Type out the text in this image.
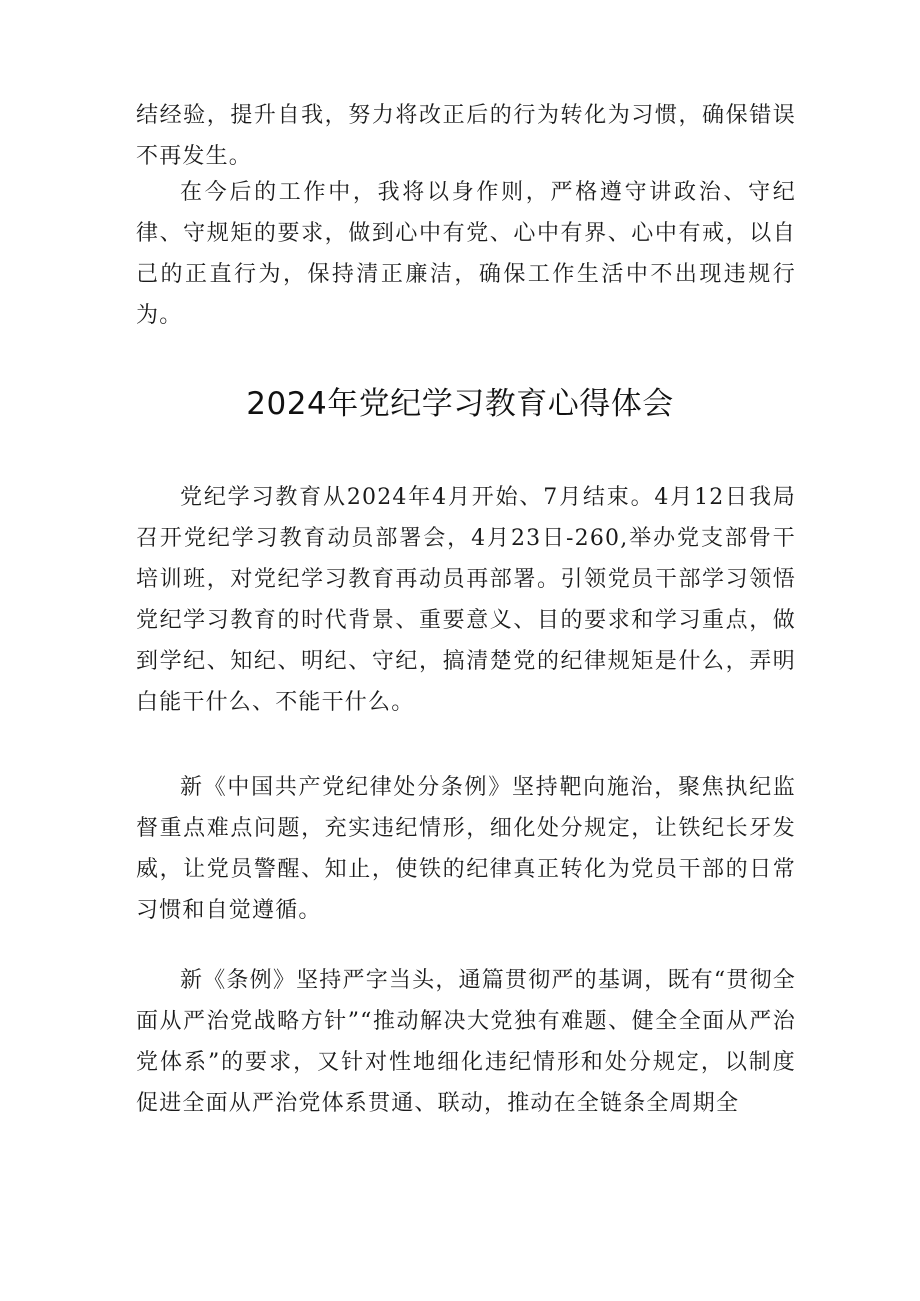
结经验，提升自我，努力将改正后的行为转化为习惯，确保错误不再发生。

在今后的工作中，我将以身作则，严格遵守讲政治、守纪律、守规矩的要求，做到心中有党、心中有界、心中有戒，以自己的正直行为，保持清正廉洁，确保工作生活中不出现违规行为。

2024年党纪学习教育心得体会

党纪学习教育从2024年4月开始、7月结束。4月12日我局召开党纪学习教育动员部署会，4月23日-260,举办党支部骨干培训班，对党纪学习教育再动员再部署。引领党员干部学习领悟党纪学习教育的时代背景、重要意义、目的要求和学习重点，做到学纪、知纪、明纪、守纪，搞清楚党的纪律规矩是什么，弄明白能干什么、不能干什么。

新《中国共产党纪律处分条例》坚持靶向施治，聚焦执纪监督重点难点问题，充实违纪情形，细化处分规定，让铁纪长牙发威，让党员警醒、知止，使铁的纪律真正转化为党员干部的日常习惯和自觉遵循。

新《条例》坚持严字当头，通篇贯彻严的基调，既有“贯彻全面从严治党战略方针”“推动解决大党独有难题、健全全面从严治党体系”的要求，又针对性地细化违纪情形和处分规定，以制度促进全面从严治党体系贯通、联动，推动在全链条全周期全
